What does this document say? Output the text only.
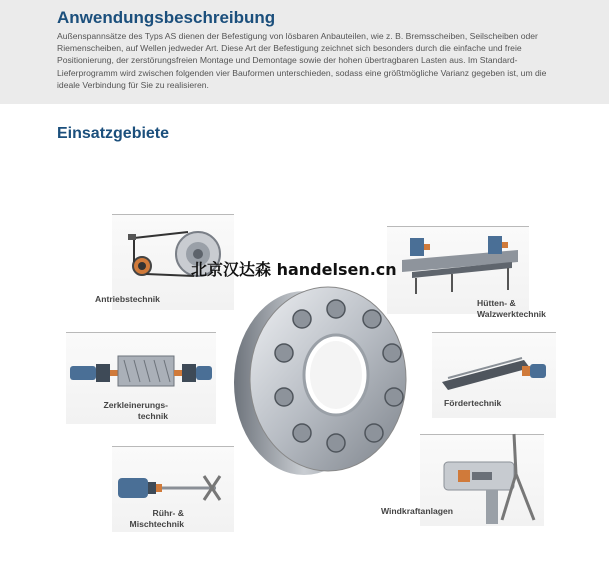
Anwendungsbeschreibung

Außenspannsätze des Typs AS dienen der Befestigung von lösbaren Anbauteilen, wie z. B. Bremsscheiben, Seilscheiben oder Riemenscheiben, auf Wellen jedweder Art. Diese Art der Befestigung zeichnet sich besonders durch die einfache und freie Positionierung, der zerstörungsfreien Montage und Demontage sowie der hohen übertragbaren Lasten aus. Im Standard-Lieferprogramm wird zwischen folgenden vier Bauformen unterschieden, sodass eine größtmögliche Varianz gegeben ist, um die ideale Verbindung für Sie zu realisieren.

Einsatzgebiete
Antriebstechnik
Zerkleinerungs-
technik
Rühr- &
Mischtechnik
Hütten- &
Walzwerktechnik
Fördertechnik
Windkraftanlagen
北京汉达森 handelsen.cn
